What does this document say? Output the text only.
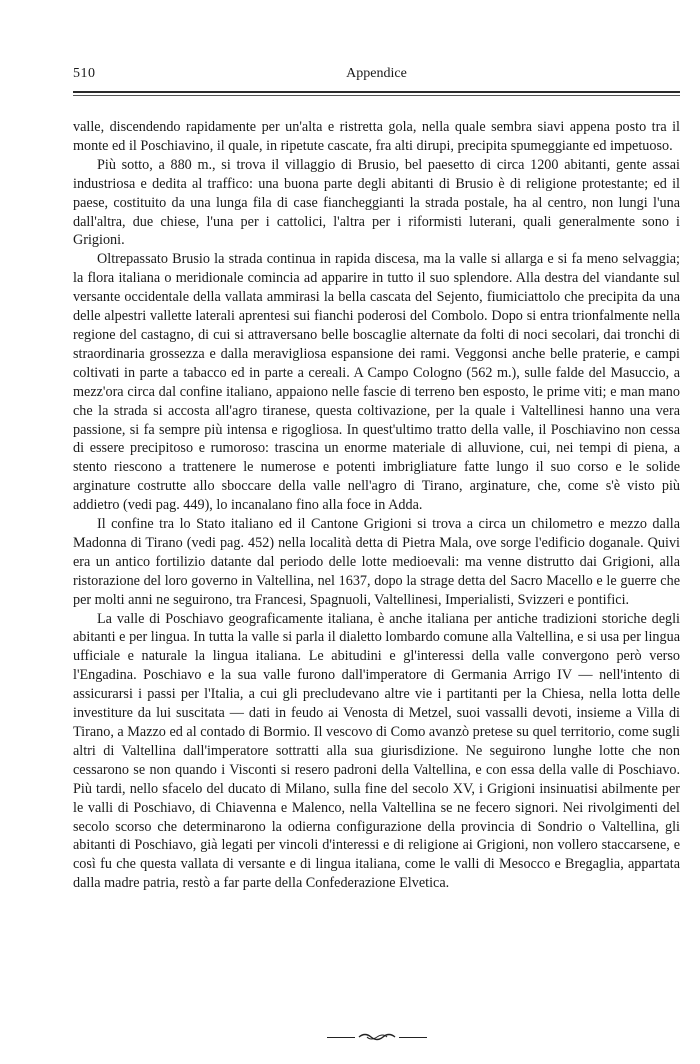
510	Appendice

valle, discendendo rapidamente per un'alta e ristretta gola, nella quale sembra siavi appena posto tra il monte ed il Poschiavino, il quale, in ripetute cascate, fra alti dirupi, precipita spumeggiante ed impetuoso.

Più sotto, a 880 m., si trova il villaggio di Brusio, bel paesetto di circa 1200 abitanti, gente assai industriosa e dedita al traffico: una buona parte degli abitanti di Brusio è di religione protestante; ed il paese, costituito da una lunga fila di case fiancheggianti la strada postale, ha al centro, non lungi l'una dall'altra, due chiese, l'una per i cattolici, l'altra per i riformisti luterani, quali generalmente sono i Grigioni.

Oltrepassato Brusio la strada continua in rapida discesa, ma la valle si allarga e si fa meno selvaggia; la flora italiana o meridionale comincia ad apparire in tutto il suo splendore. Alla destra del viandante sul versante occidentale della vallata ammirasi la bella cascata del Sejento, fiumiciattolo che precipita da una delle alpestri vallette laterali aprentesi sui fianchi poderosi del Combolo. Dopo si entra trionfalmente nella regione del castagno, di cui si attraversano belle boscaglie alternate da folti di noci secolari, dai tronchi di straordinaria grossezza e dalla meravigliosa espansione dei rami. Veggonsi anche belle praterie, e campi coltivati in parte a tabacco ed in parte a cereali. A Campo Cologno (562 m.), sulle falde del Masuccio, a mezz'ora circa dal confine italiano, appaiono nelle fascie di terreno ben esposto, le prime viti; e man mano che la strada si accosta all'agro tiranese, questa coltivazione, per la quale i Valtellinesi hanno una vera passione, si fa sempre più intensa e rigogliosa. In quest'ultimo tratto della valle, il Poschiavino non cessa di essere precipitoso e rumoroso: trascina un enorme materiale di alluvione, cui, nei tempi di piena, a stento riescono a trattenere le numerose e potenti imbrigliature fatte lungo il suo corso e le solide arginature costrutte allo sboccare della valle nell'agro di Tirano, arginature, che, come s'è visto più addietro (vedi pag. 449), lo incanalano fino alla foce in Adda.

Il confine tra lo Stato italiano ed il Cantone Grigioni si trova a circa un chilometro e mezzo dalla Madonna di Tirano (vedi pag. 452) nella località detta di Pietra Mala, ove sorge l'edificio doganale. Quivi era un antico fortilizio datante dal periodo delle lotte medioevali: ma venne distrutto dai Grigioni, alla ristorazione del loro governo in Valtellina, nel 1637, dopo la strage detta del Sacro Macello e le guerre che per molti anni ne seguirono, tra Francesi, Spagnuoli, Valtellinesi, Imperialisti, Svizzeri e pontifici.

La valle di Poschiavo geograficamente italiana, è anche italiana per antiche tradizioni storiche degli abitanti e per lingua. In tutta la valle si parla il dialetto lombardo comune alla Valtellina, e si usa per lingua ufficiale e naturale la lingua italiana. Le abitudini e gl'interessi della valle convergono però verso l'Engadina. Poschiavo e la sua valle furono dall'imperatore di Germania Arrigo IV — nell'intento di assicurarsi i passi per l'Italia, a cui gli precludevano altre vie i partitanti per la Chiesa, nella lotta delle investiture da lui suscitata — dati in feudo ai Venosta di Metzel, suoi vassalli devoti, insieme a Villa di Tirano, a Mazzo ed al contado di Bormio. Il vescovo di Como avanzò pretese su quel territorio, come sugli altri di Valtellina dall'imperatore sottratti alla sua giurisdizione. Ne seguirono lunghe lotte che non cessarono se non quando i Visconti si resero padroni della Valtellina, e con essa della valle di Poschiavo. Più tardi, nello sfacelo del ducato di Milano, sulla fine del secolo XV, i Grigioni insinuatisi abilmente per le valli di Poschiavo, di Chiavenna e Malenco, nella Valtellina se ne fecero signori. Nei rivolgimenti del secolo scorso che determinarono la odierna configurazione della provincia di Sondrio o Valtellina, gli abitanti di Poschiavo, già legati per vincoli d'interessi e di religione ai Grigioni, non vollero staccarsene, e così fu che questa vallata di versante e di lingua italiana, come le valli di Mesocco e Bregaglia, appartata dalla madre patria, restò a far parte della Confederazione Elvetica.
